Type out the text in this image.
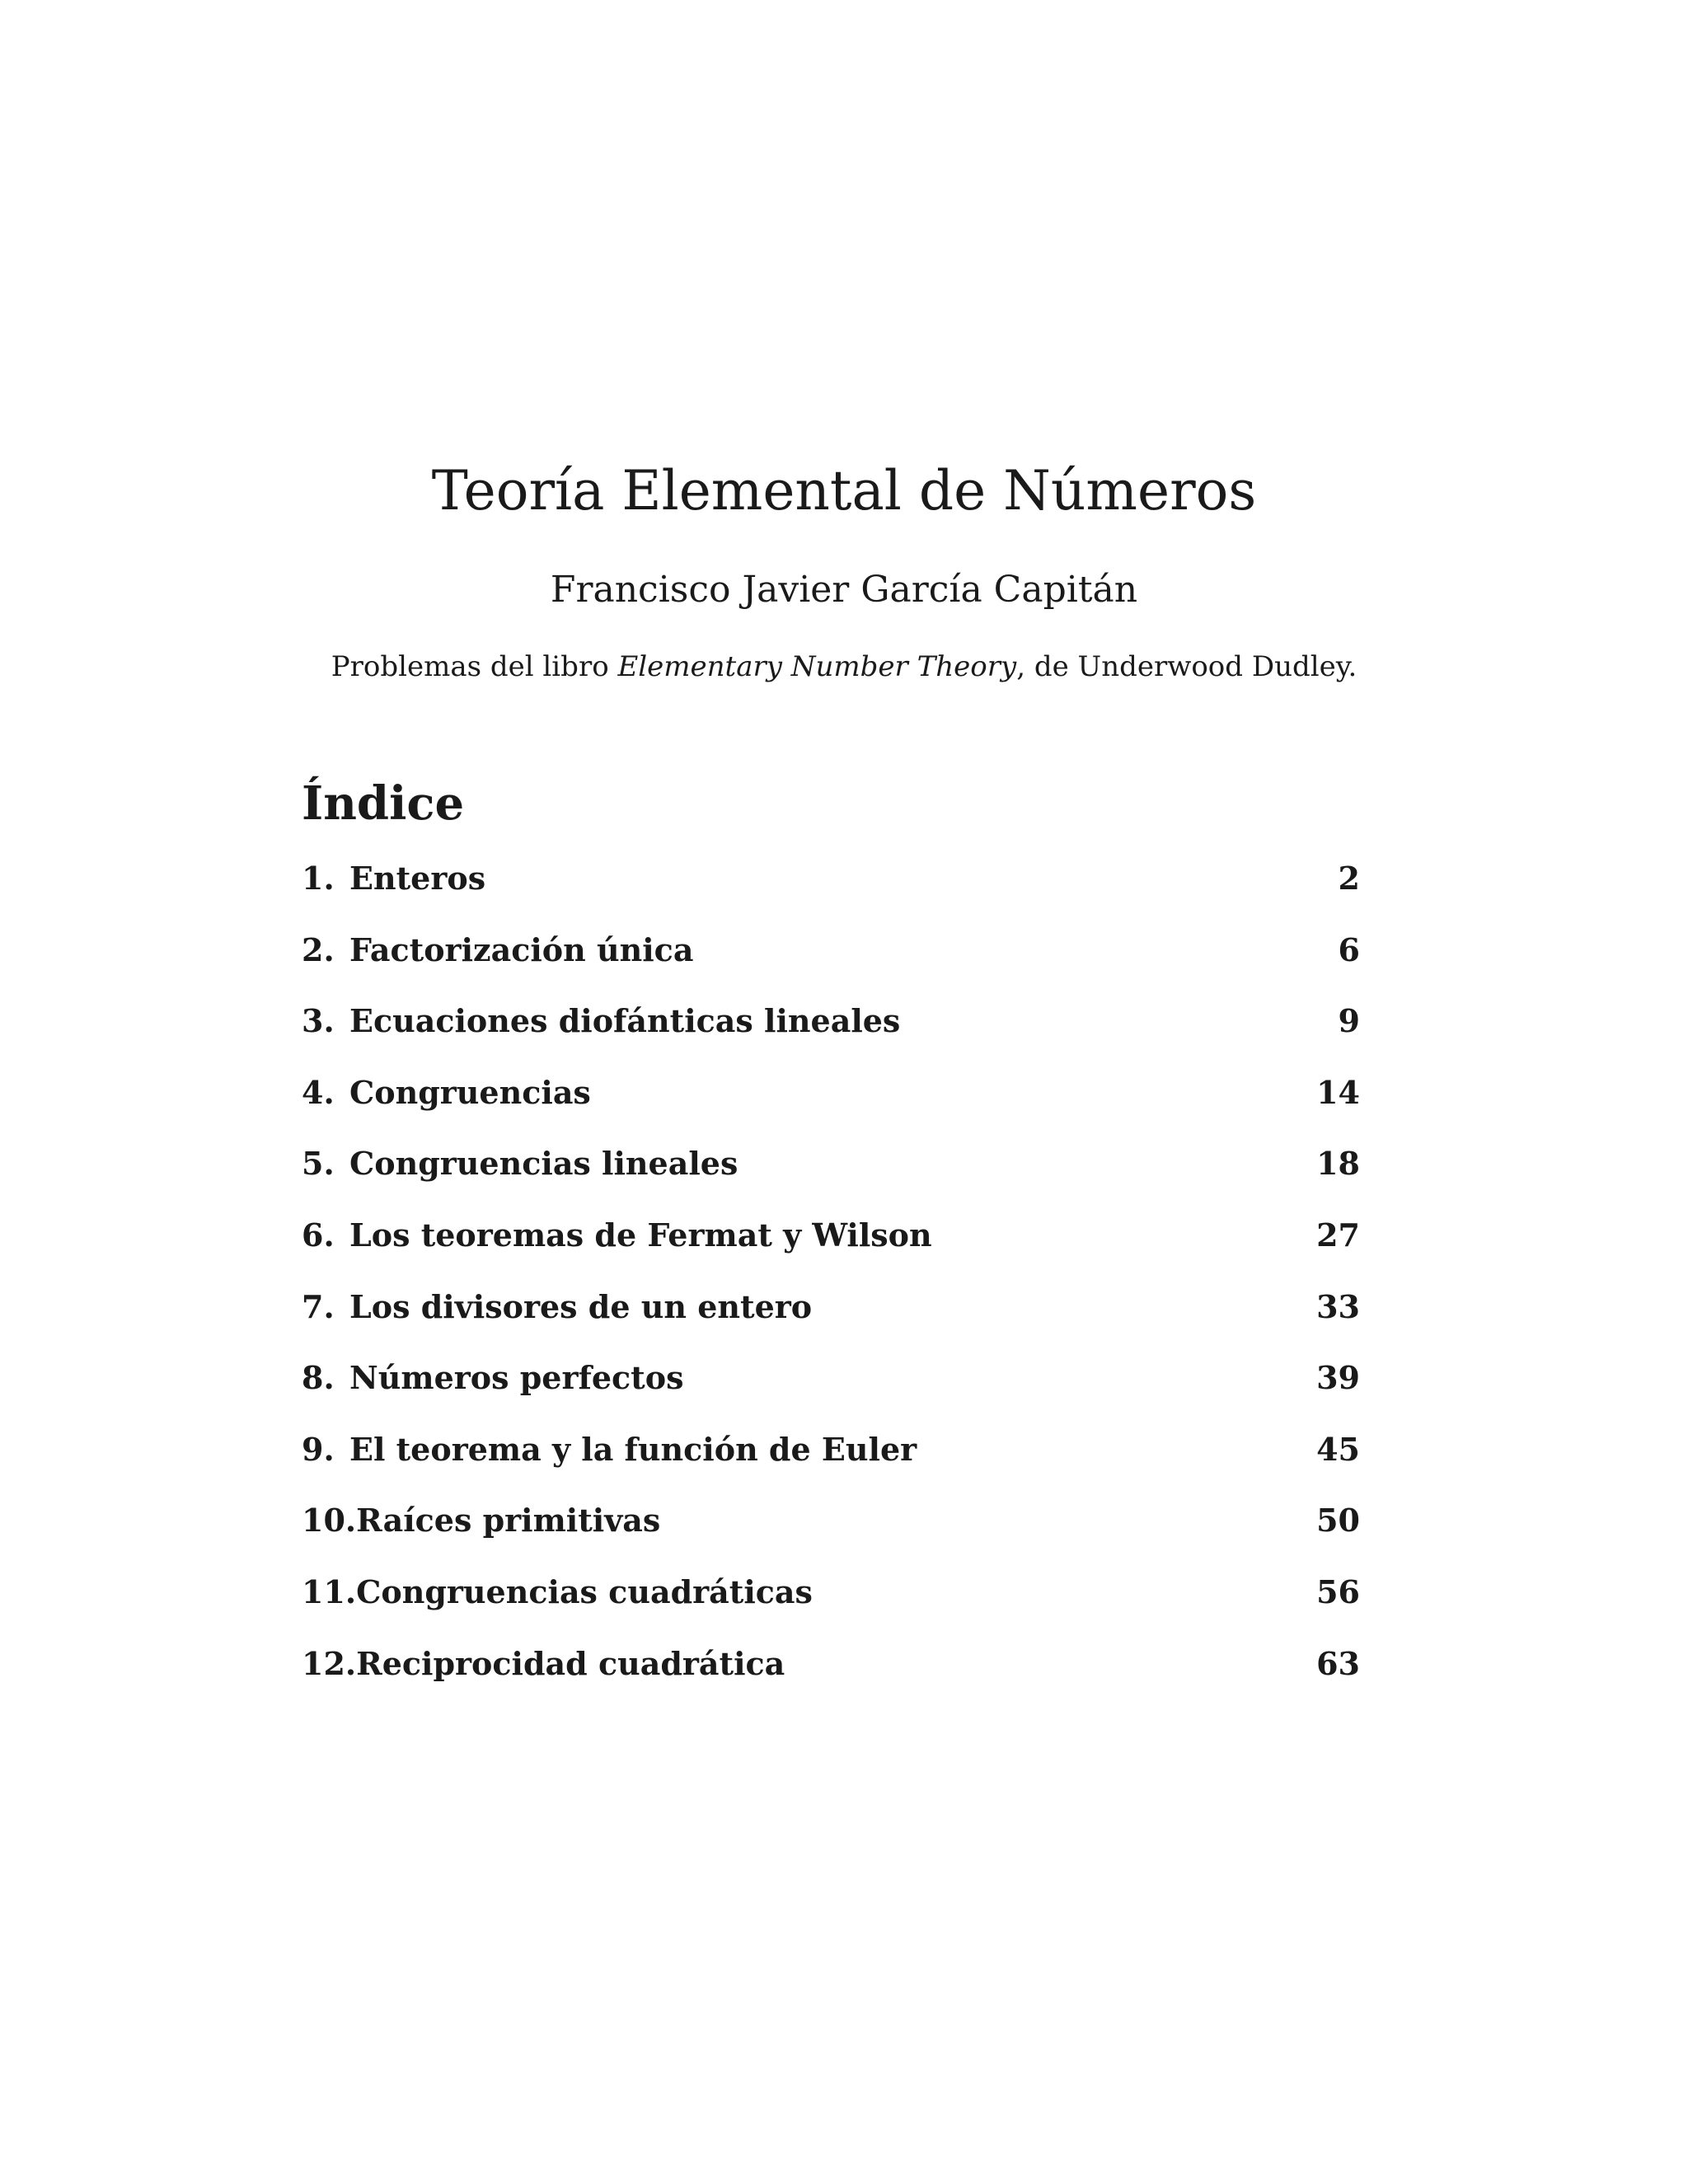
Teoría Elemental de Números
Francisco Javier García Capitán
Problemas del libro Elementary Number Theory, de Underwood Dudley.
Índice
1. Enteros	2
2. Factorización única	6
3. Ecuaciones diofánticas lineales	9
4. Congruencias	14
5. Congruencias lineales	18
6. Los teoremas de Fermat y Wilson	27
7. Los divisores de un entero	33
8. Números perfectos	39
9. El teorema y la función de Euler	45
10.Raíces primitivas	50
11.Congruencias cuadráticas	56
12.Reciprocidad cuadrática	63
